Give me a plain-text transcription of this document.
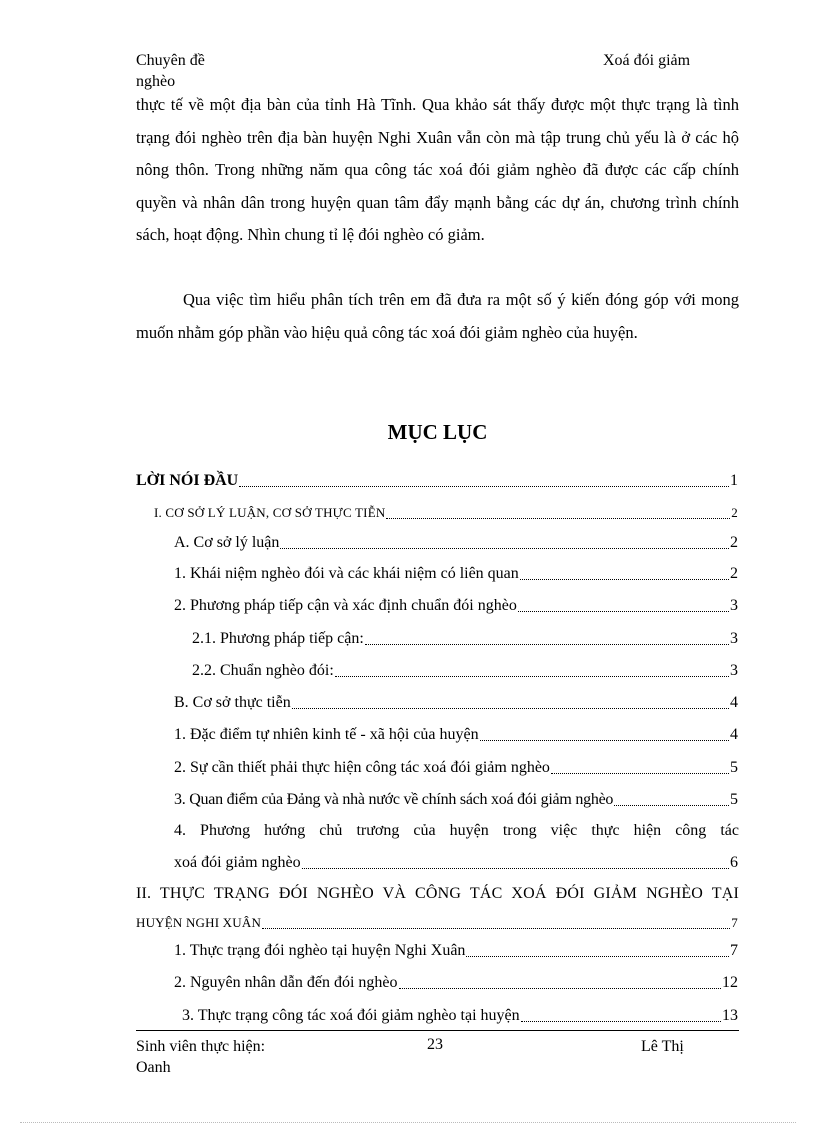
Chuyên đề
nghèo
Xoá đói giảm
thực tế về một địa bàn của tỉnh Hà Tĩnh. Qua khảo sát thấy được một thực trạng là tình trạng đói nghèo trên địa bàn huyện Nghi Xuân vẫn còn mà tập trung chủ yếu là ở các hộ nông thôn. Trong những năm qua công tác xoá đói giảm nghèo đã được các cấp chính quyền và nhân dân trong huyện quan tâm đẩy mạnh bằng các dự án, chương trình chính sách, hoạt động. Nhìn chung tỉ lệ đói nghèo có giảm.
Qua việc tìm hiểu phân tích trên em đã đưa ra một số ý kiến đóng góp với mong muốn nhằm góp phần vào hiệu quả công tác xoá đói giảm nghèo của huyện.
MỤC LỤC
LỜI NÓI ĐẦU	1
I. CƠ SỞ LÝ LUẬN, CƠ SỞ THỰC TIỄN	2
A. Cơ sở lý luận	2
1. Khái niệm nghèo đói và các khái niệm có liên quan	2
2. Phương pháp tiếp cận và xác định chuẩn đói nghèo	3
2.1. Phương pháp tiếp cận:	3
2.2. Chuẩn nghèo đói:	3
B. Cơ sở thực tiễn	4
1. Đặc điểm tự nhiên kinh tế - xã hội của huyện	4
2. Sự cần thiết phải thực hiện công tác xoá đói giảm nghèo	5
3. Quan điểm của Đảng và nhà nước về chính sách xoá đói giảm nghèo	5
4. Phương hướng chủ trương của huyện trong việc thực hiện công tác
xoá đói giảm nghèo	6
II. THỰC TRẠNG ĐÓI NGHÈO VÀ CÔNG TÁC XOÁ ĐÓI GIẢM NGHÈO TẠI
HUYỆN NGHI XUÂN	7
1. Thực trạng đói nghèo tại huyện Nghi Xuân	7
2. Nguyên nhân dẫn đến đói nghèo	12
3. Thực trạng công tác xoá đói giảm nghèo tại huyện	13
Sinh viên thực hiện:
Oanh
23	Lê Thị
